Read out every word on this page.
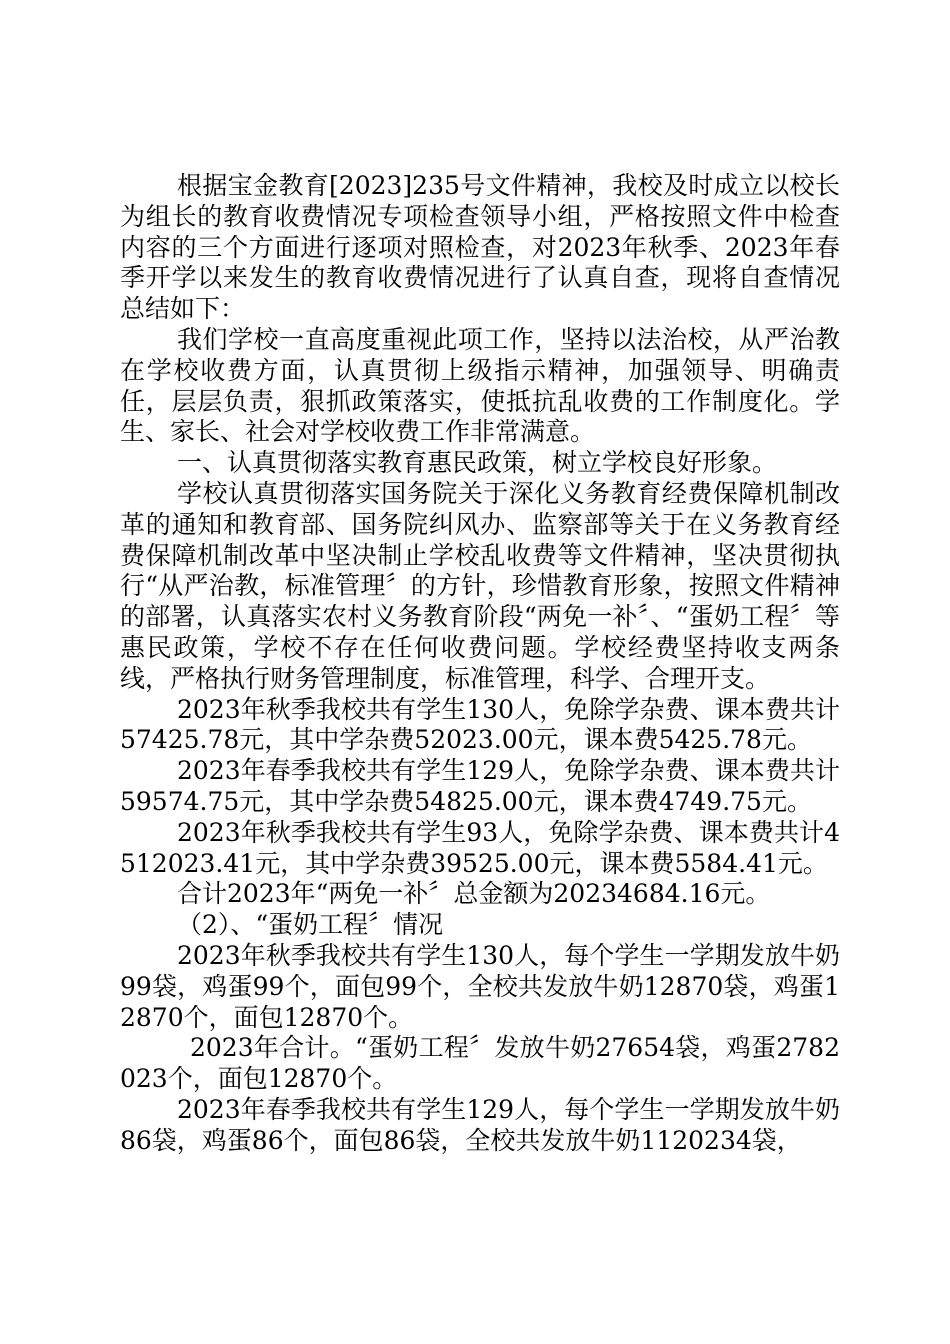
根据宝金教育[2023]235号文件精神，我校及时成立以校长为组长的教育收费情况专项检查领导小组，严格按照文件中检查内容的三个方面进行逐项对照检查，对2023年秋季、2023年春季开学以来发生的教育收费情况进行了认真自查，现将自查情况总结如下：

我们学校一直高度重视此项工作，坚持以法治校，从严治教在学校收费方面，认真贯彻上级指示精神，加强领导、明确责任，层层负责，狠抓政策落实，使抵抗乱收费的工作制度化。学生、家长、社会对学校收费工作非常满意。

一、认真贯彻落实教育惠民政策，树立学校良好形象。

学校认真贯彻落实国务院关于深化义务教育经费保障机制改革的通知和教育部、国务院纠风办、监察部等关于在义务教育经费保障机制改革中坚决制止学校乱收费等文件精神，坚决贯彻执行“从严治教，标准管理〞的方针，珍惜教育形象，按照文件精神的部署，认真落实农村义务教育阶段“两免一补〞、“蛋奶工程〞等惠民政策，学校不存在任何收费问题。学校经费坚持收支两条线，严格执行财务管理制度，标准管理，科学、合理开支。

2023年秋季我校共有学生130人，免除学杂费、课本费共计57425.78元，其中学杂费52023.00元，课本费5425.78元。

2023年春季我校共有学生129人，免除学杂费、课本费共计59574.75元，其中学杂费54825.00元，课本费4749.75元。

2023年秋季我校共有学生93人，免除学杂费、课本费共计4512023.41元，其中学杂费39525.00元，课本费5584.41元。

合计2023年“两免一补〞总金额为20234684.16元。

（2）、“蛋奶工程〞情况

2023年秋季我校共有学生130人，每个学生一学期发放牛奶99袋，鸡蛋99个，面包99个，全校共发放牛奶12870袋，鸡蛋12870个，面包12870个。

2023年合计。“蛋奶工程〞发放牛奶27654袋，鸡蛋2782023个，面包12870个。

2023年春季我校共有学生129人，每个学生一学期发放牛奶86袋，鸡蛋86个，面包86袋，全校共发放牛奶1120234袋，
